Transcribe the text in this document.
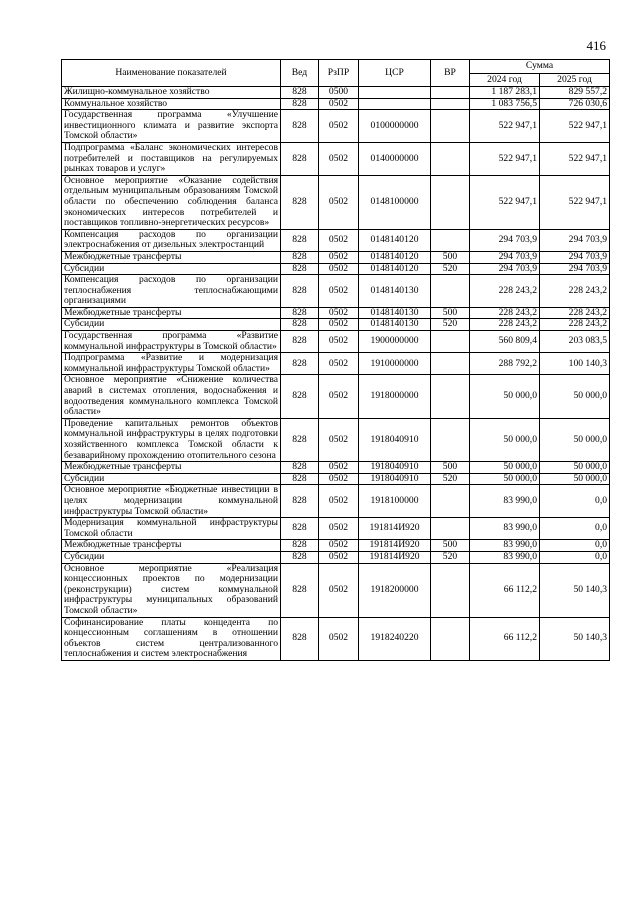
416
Наименование показателей	Вед	РзПР	ЦСР	ВР	Сумма	
					2024 год	2025 год
Жилищно-коммунальное хозяйство	828	0500			1 187 283,1	829 557,2
Коммунальное хозяйство	828	0502			1 083 756,5	726 030,6
Государственная программа «Улучшение инвестиционного климата и развитие экспорта Томской области»	828	0502	0100000000		522 947,1	522 947,1
Подпрограмма «Баланс экономических интересов потребителей и поставщиков на регулируемых рынках товаров и услуг»	828	0502	0140000000		522 947,1	522 947,1
Основное мероприятие «Оказание содействия отдельным муниципальным образованиям Томской области по обеспечению соблюдения баланса экономических интересов потребителей и поставщиков топливно-энергетических ресурсов»	828	0502	0148100000		522 947,1	522 947,1
Компенсация расходов по организации электроснабжения от дизельных электростанций	828	0502	0148140120		294 703,9	294 703,9
Межбюджетные трансферты	828	0502	0148140120	500	294 703,9	294 703,9
Субсидии	828	0502	0148140120	520	294 703,9	294 703,9
Компенсация расходов по организации теплоснабжения теплоснабжающими организациями	828	0502	0148140130		228 243,2	228 243,2
Межбюджетные трансферты	828	0502	0148140130	500	228 243,2	228 243,2
Субсидии	828	0502	0148140130	520	228 243,2	228 243,2
Государственная программа «Развитие коммунальной инфраструктуры в Томской области»	828	0502	1900000000		560 809,4	203 083,5
Подпрограмма «Развитие и модернизация коммунальной инфраструктуры Томской области»	828	0502	1910000000		288 792,2	100 140,3
Основное мероприятие «Снижение количества аварий в системах отопления, водоснабжения и водоотведения коммунального комплекса Томской области»	828	0502	1918000000		50 000,0	50 000,0
Проведение капитальных ремонтов объектов коммунальной инфраструктуры в целях подготовки хозяйственного комплекса Томской области к безаварийному прохождению отопительного сезона	828	0502	1918040910		50 000,0	50 000,0
Межбюджетные трансферты	828	0502	1918040910	500	50 000,0	50 000,0
Субсидии	828	0502	1918040910	520	50 000,0	50 000,0
Основное мероприятие «Бюджетные инвестиции в целях модернизации коммунальной инфраструктуры Томской области»	828	0502	1918100000		83 990,0	0,0
Модернизация коммунальной инфраструктуры Томской области	828	0502	191814И920		83 990,0	0,0
Межбюджетные трансферты	828	0502	191814И920	500	83 990,0	0,0
Субсидии	828	0502	191814И920	520	83 990,0	0,0
Основное мероприятие «Реализация концессионных проектов по модернизации (реконструкции) систем коммунальной инфраструктуры муниципальных образований Томской области»	828	0502	1918200000		66 112,2	50 140,3
Софинансирование платы концедента по концессионным соглашениям в отношении объектов систем централизованного теплоснабжения и систем электроснабжения	828	0502	1918240220		66 112,2	50 140,3
